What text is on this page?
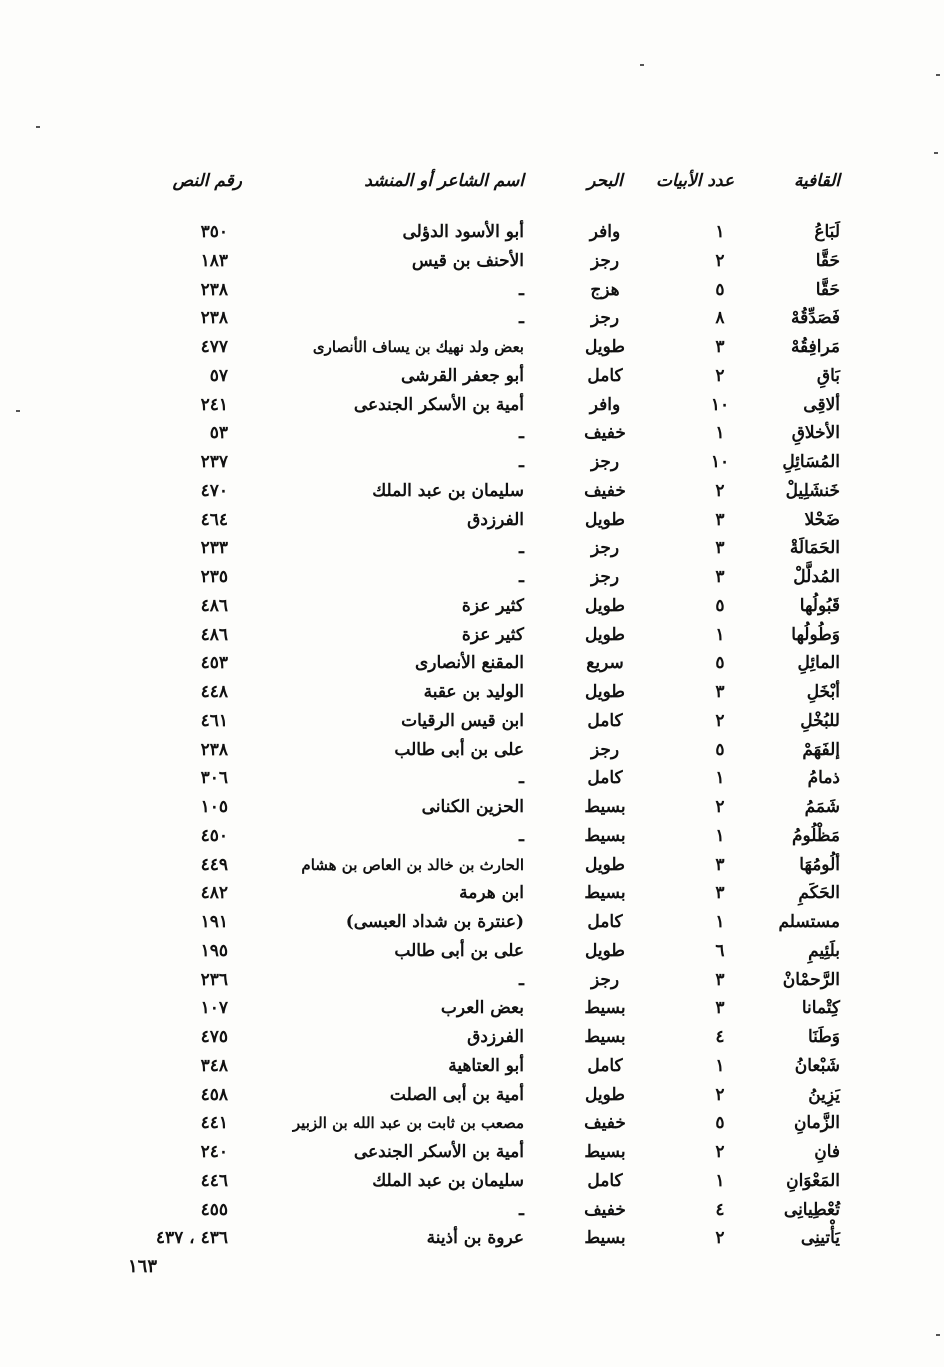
القافية
عدد الأبيات
البحر
اسم الشاعر أو المنشد
رقم النص
لَبَاعُ
١
وافر
أبو الأسود الدؤلى
٣٥٠
حَقَّا
٢
رجز
الأحنف بن قيس
١٨٣
حَقَّا
٥
هزج
ـ
٢٣٨
فَصَدِّقُهْ
٨
رجز
ـ
٢٣٨
مَرافِقُهْ
٣
طويل
بعض ولد نهيك بن يساف الأنصارى
٤٧٧
بَاقِ
٢
كامل
أبو جعفر القرشى
٥٧
ألاقِى
١٠
وافر
أمية بن الأسكر الجندعى
٢٤١
الأخلاقِ
١
خفيف
ـ
٥٣
المُسَائِلِ
١٠
رجز
ـ
٢٣٧
خَنشَلِيلْ
٢
خفيف
سليمان بن عبد الملك
٤٧٠
ضَحْلا
٣
طويل
الفرزدق
٤٦٤
الحَمَالَةْ
٣
رجز
ـ
٢٣٣
المُدلَّلْ
٣
رجز
ـ
٢٣٥
قَبُولُها
٥
طويل
كثير عزة
٤٨٦
وَطُولُها
١
طويل
كثير عزة
٤٨٦
المائِلِ
٥
سريع
المقنع الأنصارى
٤٥٣
أبْخَلِ
٣
طويل
الوليد بن عقبة
٤٤٨
للبُخْلِ
٢
كامل
ابن قيس الرقيات
٤٦١
إلفَهَمْ
٥
رجز
على بن أبى طالب
٢٣٨
ذمامُ
١
كامل
ـ
٣٠٦
شَمَمُ
٢
بسيط
الحزين الكنانى
١٠٥
مَظْلُومُ
١
بسيط
ـ
٤٥٠
ألُومُهَا
٣
طويل
الحارث بن خالد بن العاص بن هشام
٤٤٩
الحَكَمِ
٣
بسيط
ابن هرمة
٤٨٢
مستسلم
١
كامل
(عنترة بن شداد العبسى)
١٩١
بلَئِيمِ
٦
طويل
على بن أبى طالب
١٩٥
الرَّحمْانْ
٣
رجز
ـ
٢٣٦
كِتْمانا
٣
بسيط
بعض العرب
١٠٧
وَطَنَا
٤
بسيط
الفرزدق
٤٧٥
شَبْعانُ
١
كامل
أبو العتاهية
٣٤٨
يَزِينُ
٢
طويل
أمية بن أبى الصلت
٤٥٨
الزَّمانِ
٥
خفيف
مصعب بن ثابت بن عبد الله بن الزبير
٤٤١
فانِ
٢
بسيط
أمية بن الأسكر الجندعى
٢٤٠
المَعْوَانِ
١
كامل
سليمان بن عبد الملك
٤٤٦
تُعْطِيانِى
٤
خفيف
ـ
٤٥٥
يَأْتينِى
٢
بسيط
عروة بن أذينة
٤٣٦ ، ٤٣٧
١٦٣
